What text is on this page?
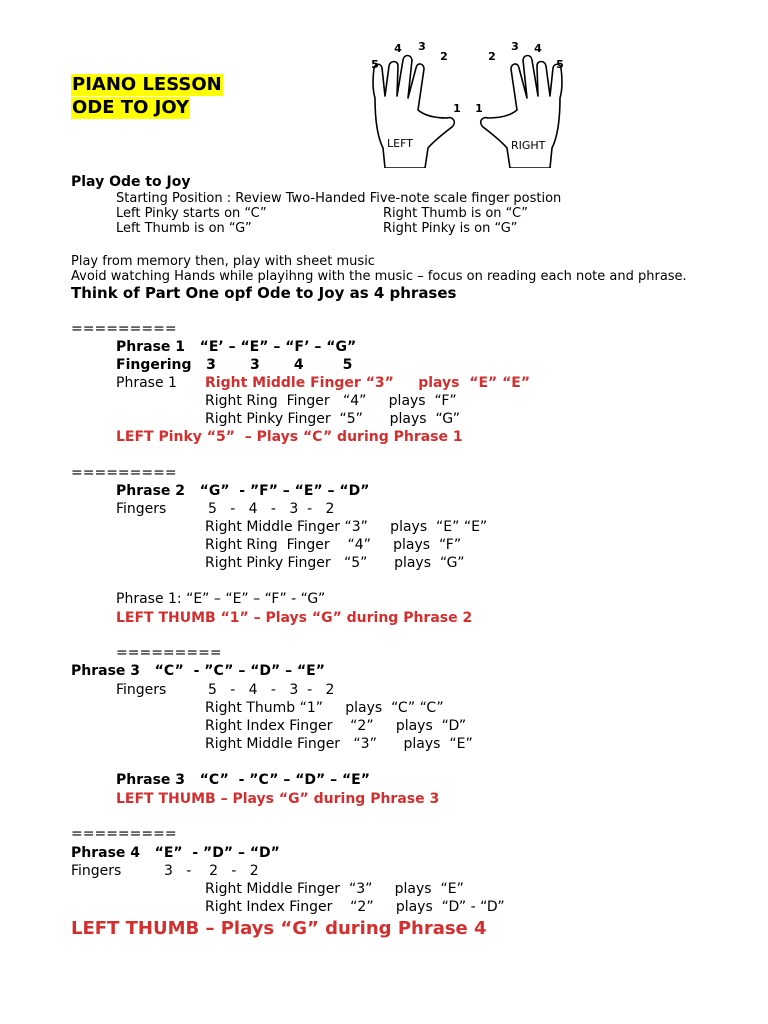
PIANO LESSON
ODE TO JOY
5
4 3
2
1 1
2
3 4
5
LEFT	RIGHT
Play Ode to Joy
Starting Position : Review Two-Handed Five-note scale finger postion
Left Pinky starts on “C”	Right Thumb is on “C”
Left Thumb is on “G”	Right Pinky is on “G”
Play from memory then, play with sheet music
Avoid watching Hands while playihng with the music – focus on reading each note and phrase.
Think of Part One opf Ode to Joy as 4 phrases
=========
Phrase 1   “E’ – “E” – “F’ – “G”
Fingering   3       3       4        5
Phrase 1 Right Middle Finger “3”     plays  “E” “E”
Right Ring  Finger   “4”     plays  “F”
Right Pinky Finger  “5”      plays  “G”
LEFT Pinky “5”  – Plays “C” during Phrase 1
=========
Phrase 2   “G”  - ”F” – “E” – “D”
Fingers	5   -   4   -   3  -   2
Right Middle Finger “3”     plays  “E” “E”
Right Ring  Finger    “4”     plays  “F”
Right Pinky Finger   “5”      plays  “G”
Phrase 1: “E” – “E” – “F” - “G”
LEFT THUMB “1” – Plays “G” during Phrase 2
=========
Phrase 3   “C”  - ”C” – “D” – “E”
Fingers	5   -   4   -   3  -   2
Right Thumb “1”     plays  “C” “C”
Right Index Finger    “2”     plays  “D”
Right Middle Finger   “3”      plays  “E”
Phrase 3   “C”  - ”C” – “D” – “E”
LEFT THUMB – Plays “G” during Phrase 3
=========
Phrase 4   “E”  - ”D” – “D”
Fingers	3   -    2   -   2
Right Middle Finger  “3”     plays  “E”
Right Index Finger    “2”     plays  “D” - “D”
LEFT THUMB – Plays “G” during Phrase 4
